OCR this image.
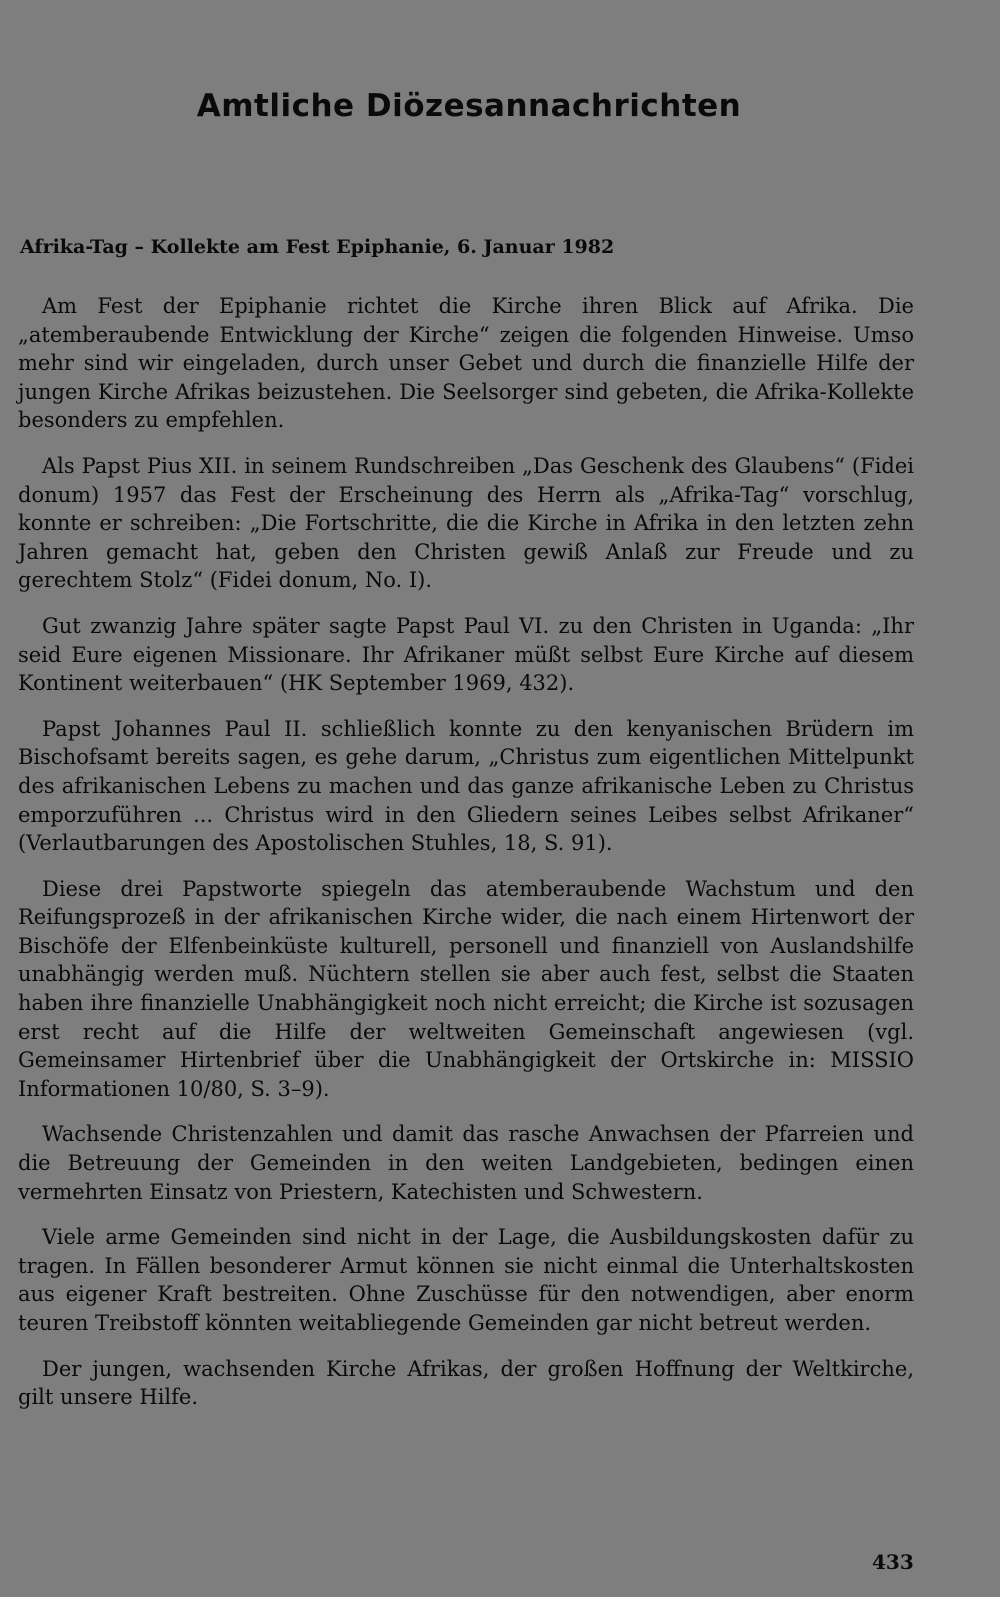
Amtliche Diözesannachrichten
Afrika-Tag – Kollekte am Fest Epiphanie, 6. Januar 1982

Am Fest der Epiphanie richtet die Kirche ihren Blick auf Afrika. Die „atemberaubende Entwicklung der Kirche“ zeigen die folgenden Hinweise. Umso mehr sind wir eingeladen, durch unser Gebet und durch die finanzielle Hilfe der jungen Kirche Afrikas beizustehen. Die Seelsorger sind gebeten, die Afrika-Kollekte besonders zu empfehlen.

Als Papst Pius XII. in seinem Rundschreiben „Das Geschenk des Glaubens“ (Fidei donum) 1957 das Fest der Erscheinung des Herrn als „Afrika-Tag“ vorschlug, konnte er schreiben: „Die Fortschritte, die die Kirche in Afrika in den letzten zehn Jahren gemacht hat, geben den Christen gewiß Anlaß zur Freude und zu gerechtem Stolz“ (Fidei donum, No. I).

Gut zwanzig Jahre später sagte Papst Paul VI. zu den Christen in Uganda: „Ihr seid Eure eigenen Missionare. Ihr Afrikaner müßt selbst Eure Kirche auf diesem Kontinent weiterbauen“ (HK September 1969, 432).

Papst Johannes Paul II. schließlich konnte zu den kenyanischen Brüdern im Bischofsamt bereits sagen, es gehe darum, „Christus zum eigentlichen Mittelpunkt des afrikanischen Lebens zu machen und das ganze afrikanische Leben zu Christus emporzuführen ... Christus wird in den Gliedern seines Leibes selbst Afrikaner“ (Verlautbarungen des Apostolischen Stuhles, 18, S. 91).

Diese drei Papstworte spiegeln das atemberaubende Wachstum und den Reifungsprozeß in der afrikanischen Kirche wider, die nach einem Hirtenwort der Bischöfe der Elfenbeinküste kulturell, personell und finanziell von Auslandshilfe unabhängig werden muß. Nüchtern stellen sie aber auch fest, selbst die Staaten haben ihre finanzielle Unabhängigkeit noch nicht erreicht; die Kirche ist sozusagen erst recht auf die Hilfe der weltweiten Gemeinschaft angewiesen (vgl. Gemeinsamer Hirtenbrief über die Unabhängigkeit der Ortskirche in: MISSIO Informationen 10/80, S. 3–9).

Wachsende Christenzahlen und damit das rasche Anwachsen der Pfarreien und die Betreuung der Gemeinden in den weiten Landgebieten, bedingen einen vermehrten Einsatz von Priestern, Katechisten und Schwestern.

Viele arme Gemeinden sind nicht in der Lage, die Ausbildungskosten dafür zu tragen. In Fällen besonderer Armut können sie nicht einmal die Unterhaltskosten aus eigener Kraft bestreiten. Ohne Zuschüsse für den notwendigen, aber enorm teuren Treibstoff könnten weitabliegende Gemeinden gar nicht betreut werden.

Der jungen, wachsenden Kirche Afrikas, der großen Hoffnung der Weltkirche, gilt unsere Hilfe.

433
